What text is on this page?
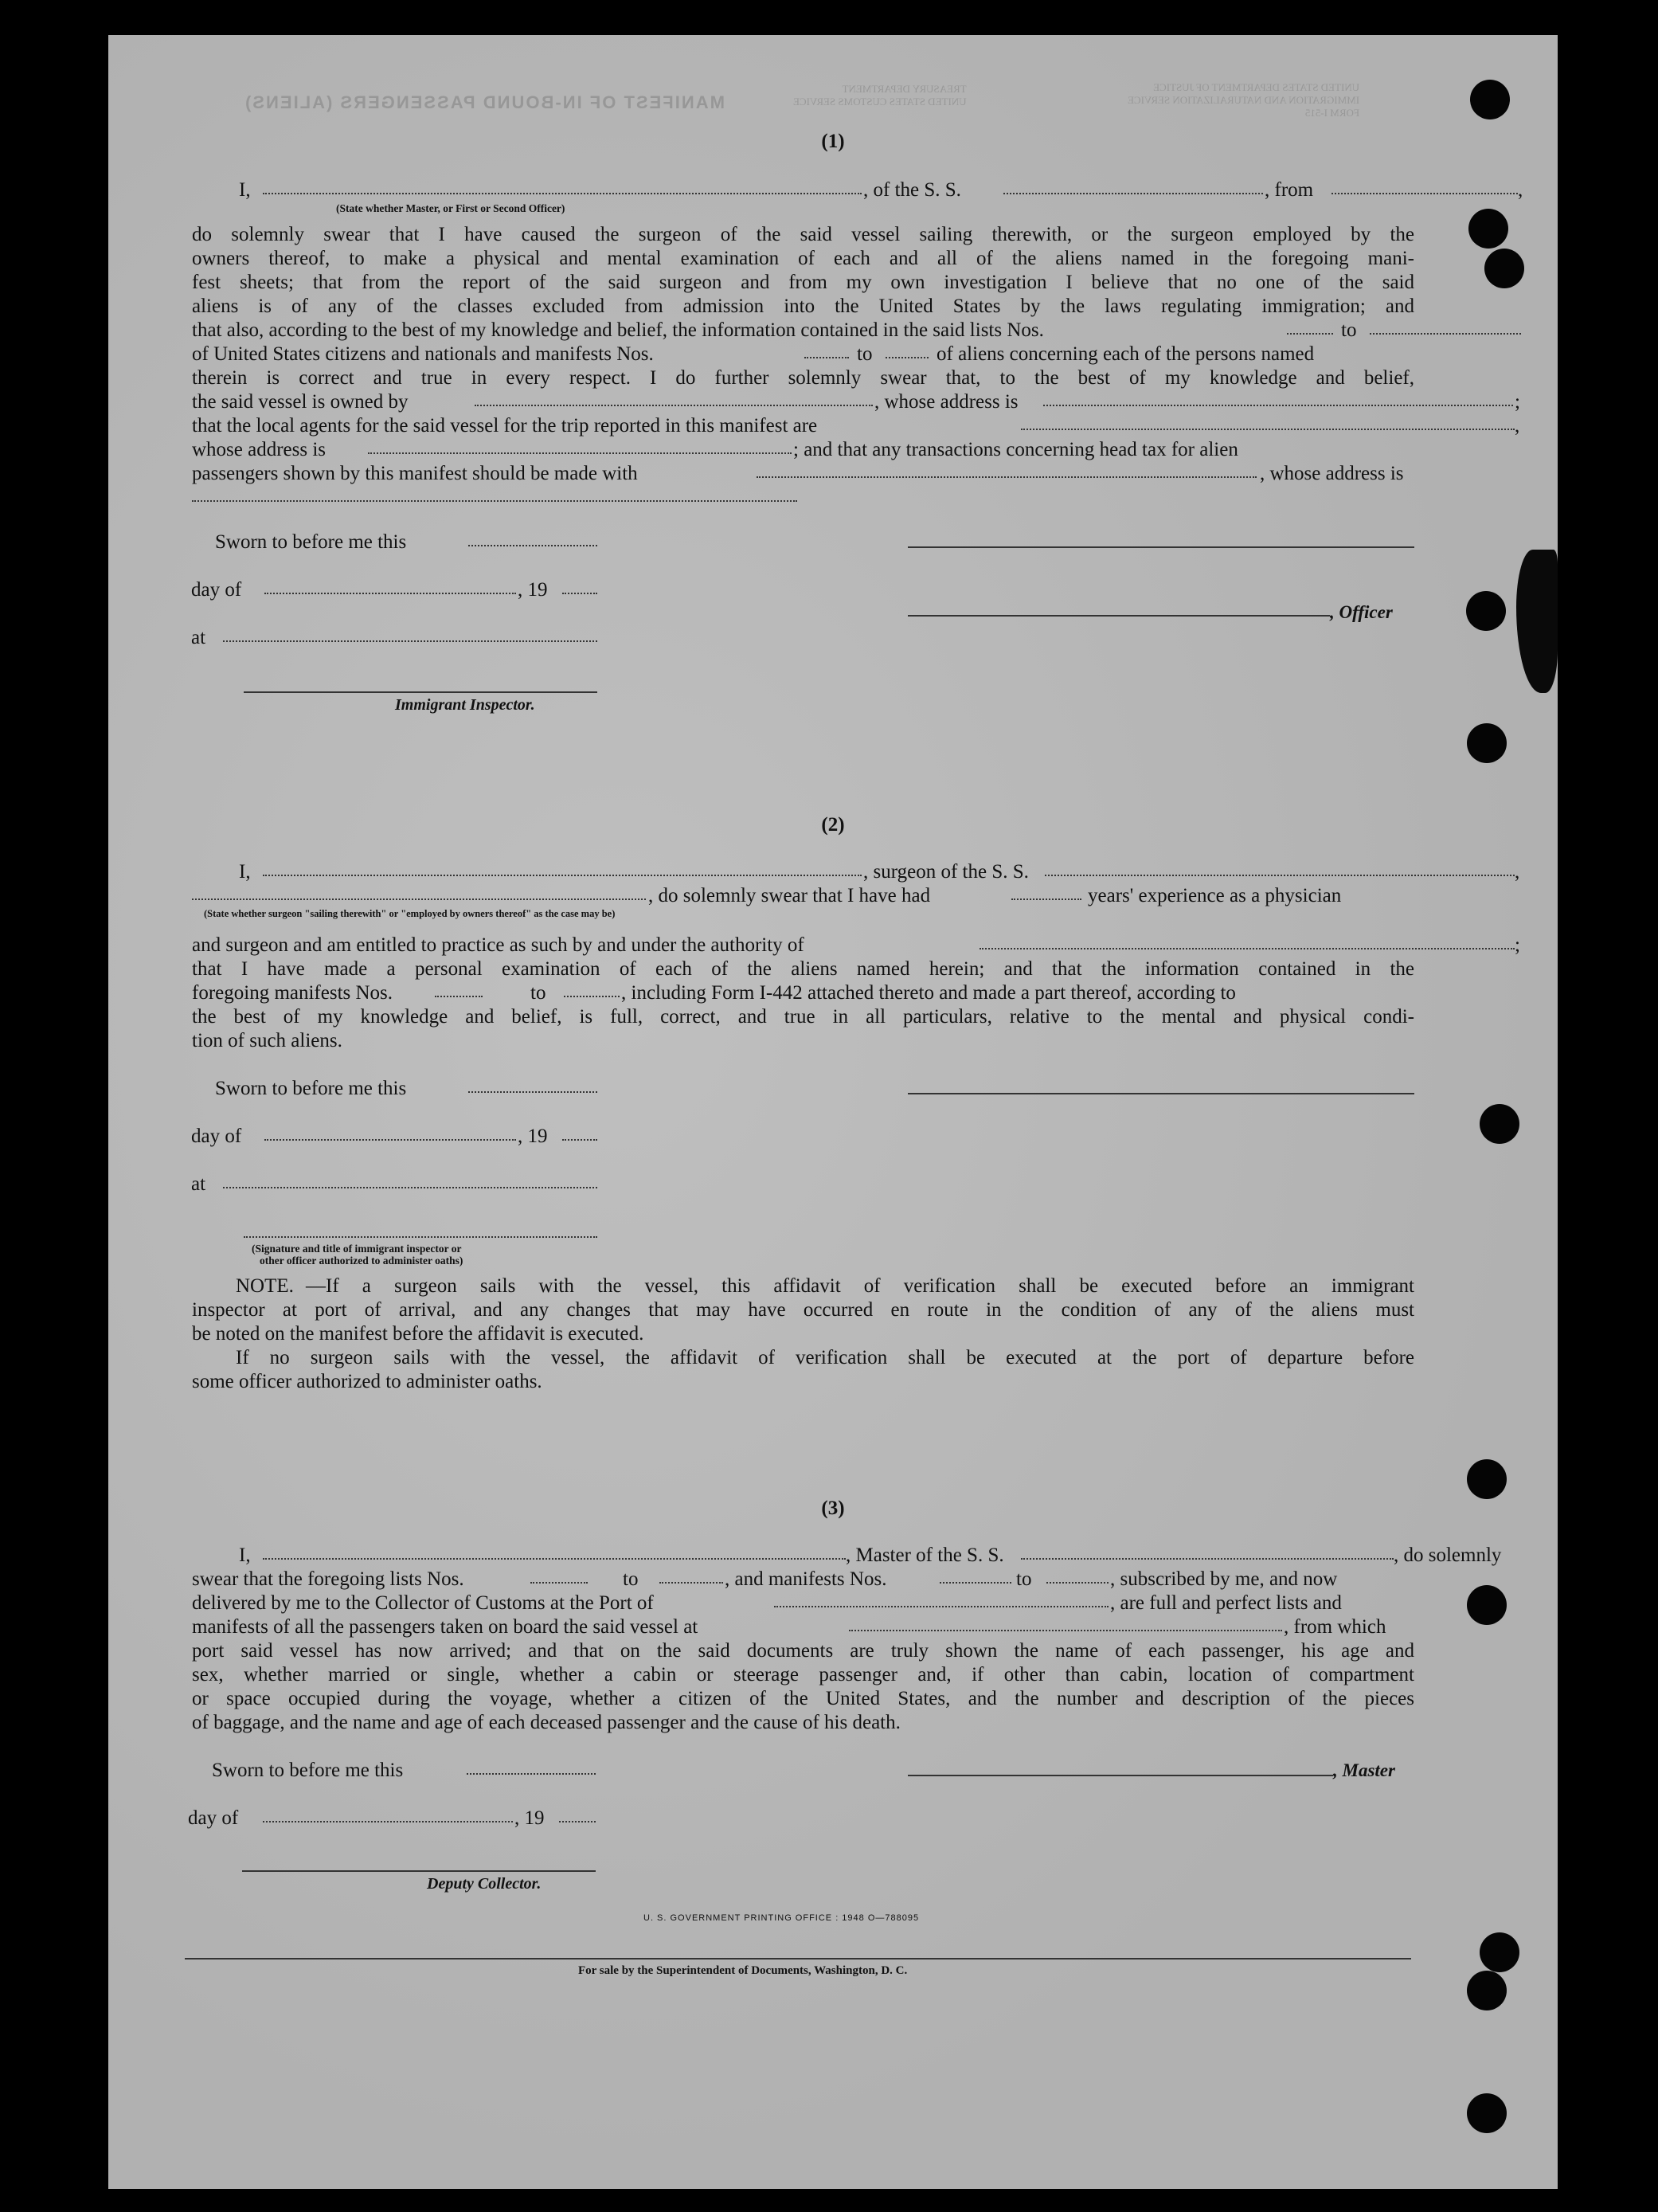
MANIFEST OF IN-BOUND PASSENGERS (ALIENS)
UNITED STATES DEPARTMENT OF JUSTICE
IMMIGRATION AND NATURALIZATION SERVICE
FORM I-515
TREASURY DEPARTMENT
UNITED STATES CUSTOMS SERVICE
(1)
I,	, of the S. S.	, from	,
(State whether Master, or First or Second Officer)
do solemnly swear that I have caused the surgeon of the said vessel sailing therewith, or the surgeon employed by the
owners thereof, to make a physical and mental examination of each and all of the aliens named in the foregoing mani-
fest sheets; that from the report of the said surgeon and from my own investigation I believe that no one of the said
aliens is of any of the classes excluded from admission into the United States by the laws regulating immigration; and
that also, according to the best of my knowledge and belief, the information contained in the said lists Nos.	to
of United States citizens and nationals and manifests Nos.	to	of aliens concerning each of the persons named
therein is correct and true in every respect. I do further solemnly swear that, to the best of my knowledge and belief,
the said vessel is owned by	, whose address is	;
that the local agents for the said vessel for the trip reported in this manifest are	,
whose address is	; and that any transactions concerning head tax for alien
passengers shown by this manifest should be made with	, whose address is
Sworn to before me this
day of	, 19
, Officer
at
Immigrant Inspector.
(2)
I,	, surgeon of the S. S.	,
, do solemnly swear that I have had	years' experience as a physician
(State whether surgeon "sailing therewith" or "employed by owners thereof" as the case may be)
and surgeon and am entitled to practice as such by and under the authority of	;
that I have made a personal examination of each of the aliens named herein; and that the information contained in the
foregoing manifests Nos.	to	, including Form I-442 attached thereto and made a part thereof, according to
the best of my knowledge and belief, is full, correct, and true in all particulars, relative to the mental and physical condi-
tion of such aliens.
Sworn to before me this
day of	, 19
at
(Signature and title of immigrant inspector or
other officer authorized to administer oaths)
NOTE. —If a surgeon sails with the vessel, this affidavit of verification shall be executed before an immigrant
inspector at port of arrival, and any changes that may have occurred en route in the condition of any of the aliens must
be noted on the manifest before the affidavit is executed.
If no surgeon sails with the vessel, the affidavit of verification shall be executed at the port of departure before
some officer authorized to administer oaths.
(3)
I,	, Master of the S. S.	, do solemnly
swear that the foregoing lists Nos.	to	, and manifests Nos.	to	, subscribed by me, and now
delivered by me to the Collector of Customs at the Port of	, are full and perfect lists and
manifests of all the passengers taken on board the said vessel at	, from which
port said vessel has now arrived; and that on the said documents are truly shown the name of each passenger, his age and
sex, whether married or single, whether a cabin or steerage passenger and, if other than cabin, location of compartment
or space occupied during the voyage, whether a citizen of the United States, and the number and description of the pieces
of baggage, and the name and age of each deceased passenger and the cause of his death.
Sworn to before me this	, Master
day of	, 19
Deputy Collector.
U. S. GOVERNMENT PRINTING OFFICE : 1948 O—788095
For sale by the Superintendent of Documents, Washington, D. C.
